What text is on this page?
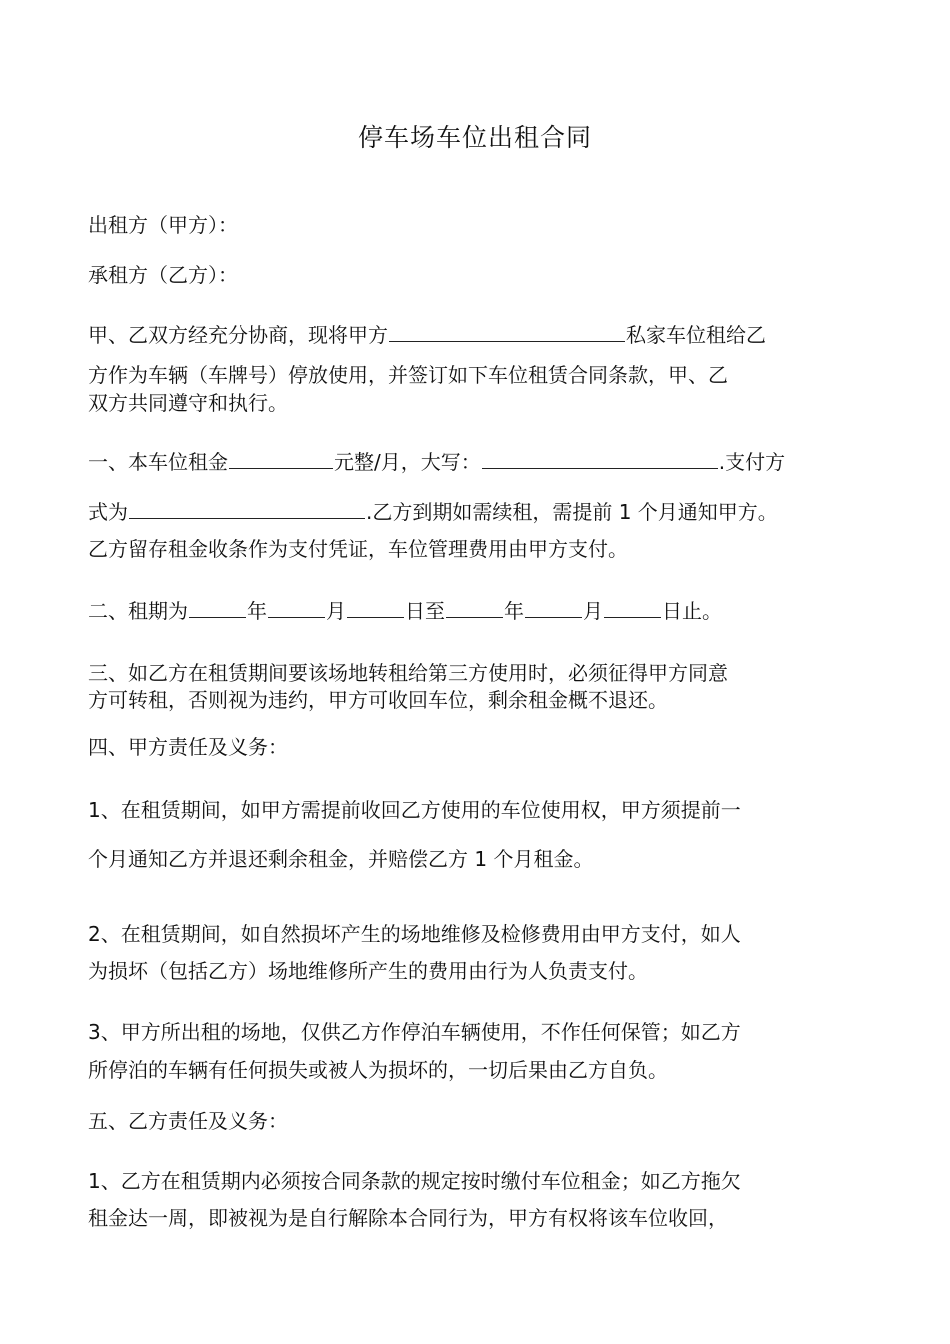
停车场车位出租合同
出租方（甲方）：
承租方（乙方）：
甲、乙双方经充分协商，现将甲方	私家车位租给乙
方作为车辆（车牌号）停放使用，并签订如下车位租赁合同条款，甲、乙
双方共同遵守和执行。
一、本车位租金	元整/月，大写：	.支付方
式为	.乙方到期如需续租，需提前 1 个月通知甲方。
乙方留存租金收条作为支付凭证，车位管理费用由甲方支付。
二、租期为	年	月	日至	年	月	日止。
三、如乙方在租赁期间要该场地转租给第三方使用时，必须征得甲方同意
方可转租，否则视为违约，甲方可收回车位，剩余租金概不退还。
四、甲方责任及义务：
1、在租赁期间，如甲方需提前收回乙方使用的车位使用权，甲方须提前一
个月通知乙方并退还剩余租金，并赔偿乙方 1 个月租金。
2、在租赁期间，如自然损坏产生的场地维修及检修费用由甲方支付，如人
为损坏（包括乙方）场地维修所产生的费用由行为人负责支付。
3、甲方所出租的场地，仅供乙方作停泊车辆使用，不作任何保管；如乙方
所停泊的车辆有任何损失或被人为损坏的，一切后果由乙方自负。
五、乙方责任及义务：
1、乙方在租赁期内必须按合同条款的规定按时缴付车位租金；如乙方拖欠
租金达一周，即被视为是自行解除本合同行为，甲方有权将该车位收回，
